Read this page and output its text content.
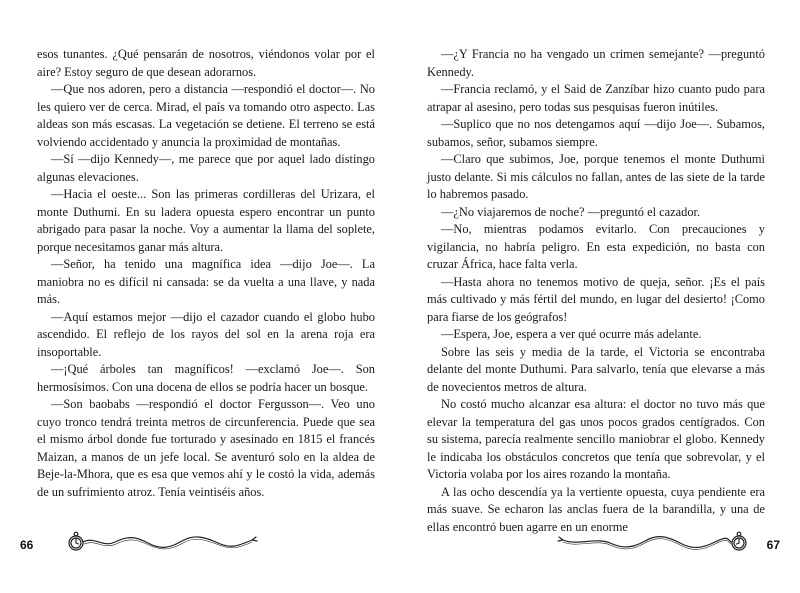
esos tunantes. ¿Qué pensarán de nosotros, viéndonos volar por el aire? Estoy seguro de que desean adorarnos.

—Que nos adoren, pero a distancia —respondió el doctor—. No les quiero ver de cerca. Mirad, el país va tomando otro aspecto. Las aldeas son más escasas. La vegetación se detiene. El terreno se está volviendo accidentado y anuncia la proximidad de montañas.

—Sí —dijo Kennedy—, me parece que por aquel lado distingo algunas elevaciones.

—Hacia el oeste... Son las primeras cordilleras del Urizara, el monte Duthumi. En su ladera opuesta espero encontrar un punto abrigado para pasar la noche. Voy a aumentar la llama del soplete, porque necesitamos ganar más altura.

—Señor, ha tenido una magnífica idea —dijo Joe—. La maniobra no es difícil ni cansada: se da vuelta a una llave, y nada más.

—Aquí estamos mejor —dijo el cazador cuando el globo hubo ascendido. El reflejo de los rayos del sol en la arena roja era insoportable.

—¡Qué árboles tan magníficos! —exclamó Joe—. Son hermosísimos. Con una docena de ellos se podría hacer un bosque.

—Son baobabs —respondió el doctor Fergusson—. Veo uno cuyo tronco tendrá treinta metros de circunferencia. Puede que sea el mismo árbol donde fue torturado y asesinado en 1815 el francés Maizan, a manos de un jefe local. Se aventuró solo en la aldea de Beje-la-Mhora, que es esa que vemos ahí y le costó la vida, además de un sufrimiento atroz. Tenía veintiséis años.

66

—¿Y Francia no ha vengado un crimen semejante? —preguntó Kennedy.

—Francia reclamó, y el Said de Zanzíbar hizo cuanto pudo para atrapar al asesino, pero todas sus pesquisas fueron inútiles.

—Suplico que no nos detengamos aquí —dijo Joe—. Subamos, subamos, señor, subamos siempre.

—Claro que subimos, Joe, porque tenemos el monte Duthumi justo delante. Si mis cálculos no fallan, antes de las siete de la tarde lo habremos pasado.

—¿No viajaremos de noche? —preguntó el cazador.

—No, mientras podamos evitarlo. Con precauciones y vigilancia, no habría peligro. En esta expedición, no basta con cruzar África, hace falta verla.

—Hasta ahora no tenemos motivo de queja, señor. ¡Es el país más cultivado y más fértil del mundo, en lugar del desierto! ¡Como para fiarse de los geógrafos!

—Espera, Joe, espera a ver qué ocurre más adelante.

Sobre las seis y media de la tarde, el Victoria se encontraba delante del monte Duthumi. Para salvarlo, tenía que elevarse a más de novecientos metros de altura.

No costó mucho alcanzar esa altura: el doctor no tuvo más que elevar la temperatura del gas unos pocos grados centígrados. Con su sistema, parecía realmente sencillo maniobrar el globo. Kennedy le indicaba los obstáculos concretos que tenía que sobrevolar, y el Victoria volaba por los aires rozando la montaña.

A las ocho descendía ya la vertiente opuesta, cuya pendiente era más suave. Se echaron las anclas fuera de la barandilla, y una de ellas encontró buen agarre en un enorme

67
